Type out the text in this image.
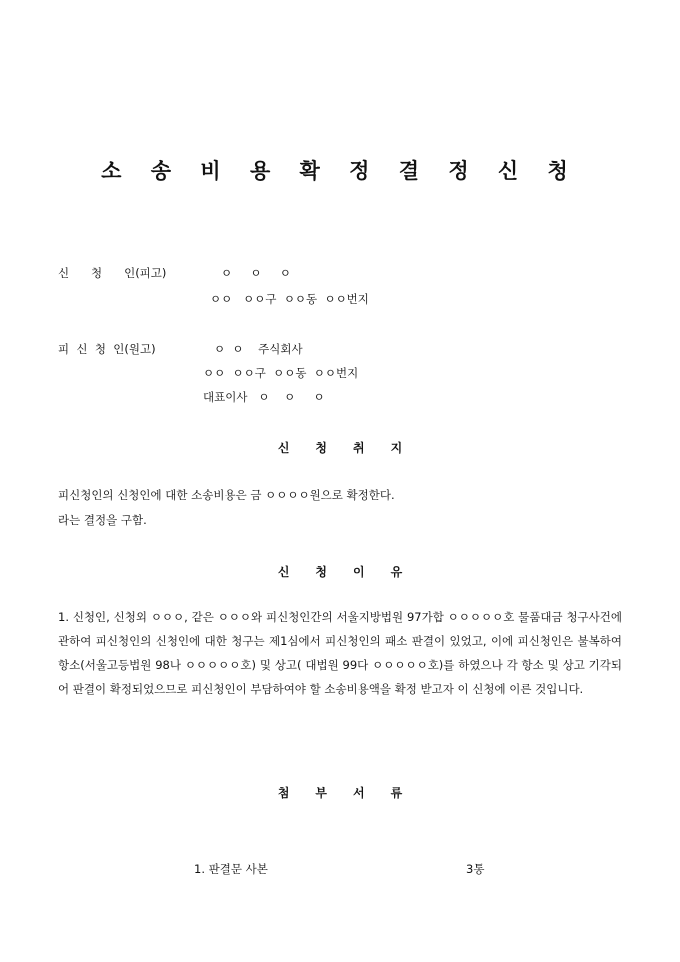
소 송 비 용 확 정 결 정 신 청
신      청      인(피고)	ㅇ     ㅇ     ㅇ
ㅇㅇ   ㅇㅇ구  ㅇㅇ동  ㅇㅇ번지
피  신  청  인(원고)	ㅇ  ㅇ    주식회사
ㅇㅇ  ㅇㅇ구  ㅇㅇ동  ㅇㅇ번지
대표이사   ㅇ    ㅇ     ㅇ
신청취지
피신청인의 신청인에 대한 소송비용은 금 ㅇㅇㅇㅇ원으로 확정한다.
라는 결정을 구함.
신청이유
1. 신청인, 신청외 ㅇㅇㅇ, 같은 ㅇㅇㅇ와 피신청인간의 서울지방법원 97가합 ㅇㅇㅇㅇㅇ호 물품대금 청구사건에 관하여 피신청인의 신청인에 대한 청구는 제1심에서 피신청인의 패소 판결이 있었고, 이에 피신청인은 불복하여 항소(서울고등법원 98나 ㅇㅇㅇㅇㅇ호) 및 상고( 대법원 99다 ㅇㅇㅇㅇㅇ호)를 하였으나 각 항소 및 상고 기각되어 판결이 확정되었으므로 피신청인이 부담하여야 할 소송비용액을 확정 받고자 이 신청에 이른 것입니다.
첨부서류
1. 판결문 사본	3통
